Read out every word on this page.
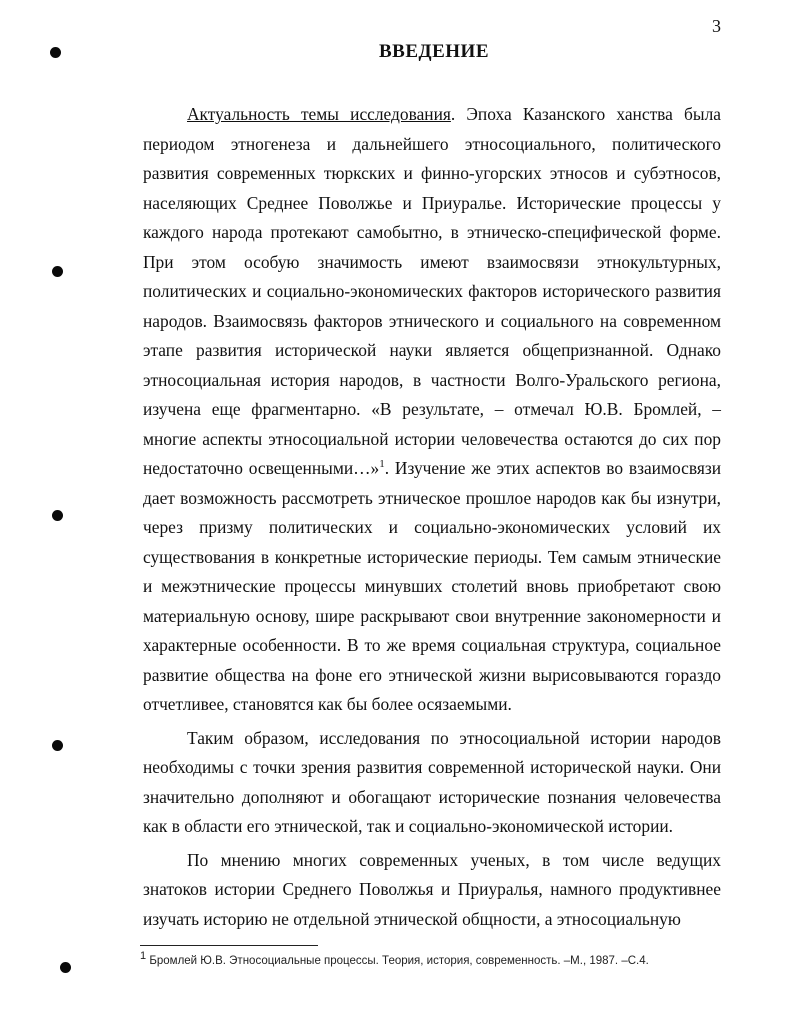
3
ВВЕДЕНИЕ

Актуальность темы исследования. Эпоха Казанского ханства была периодом этногенеза и дальнейшего этносоциального, политического развития современных тюркских и финно-угорских этносов и субэтносов, населяющих Среднее Поволжье и Приуралье. Исторические процессы у каждого народа протекают самобытно, в этническо-специфической форме. При этом особую значимость имеют взаимосвязи этнокультурных, политических и социально-экономических факторов исторического развития народов. Взаимосвязь факторов этнического и социального на современном этапе развития исторической науки является общепризнанной. Однако этносоциальная история народов, в частности Волго-Уральского региона, изучена еще фрагментарно. «В результате, – отмечал Ю.В. Бромлей, – многие аспекты этносоциальной истории человечества остаются до сих пор недостаточно освещенными…»$^1$. Изучение же этих аспектов во взаимосвязи дает возможность рассмотреть этническое прошлое народов как бы изнутри, через призму политических и социально-экономических условий их существования в конкретные исторические периоды. Тем самым этнические и межэтнические процессы минувших столетий вновь приобретают свою материальную основу, шире раскрывают свои внутренние закономерности и характерные особенности. В то же время социальная структура, социальное развитие общества на фоне его этнической жизни вырисовываются гораздо отчетливее, становятся как бы более осязаемыми.

Таким образом, исследования по этносоциальной истории народов необходимы с точки зрения развития современной исторической науки. Они значительно дополняют и обогащают исторические познания человечества как в области его этнической, так и социально-экономической истории.

По мнению многих современных ученых, в том числе ведущих знатоков истории Среднего Поволжья и Приуралья, намного продуктивнее изучать историю не отдельной этнической общности, а этносоциальную

$^1$ Бромлей Ю.В. Этносоциальные процессы. Теория, история, современность. –М., 1987. –С.4.
